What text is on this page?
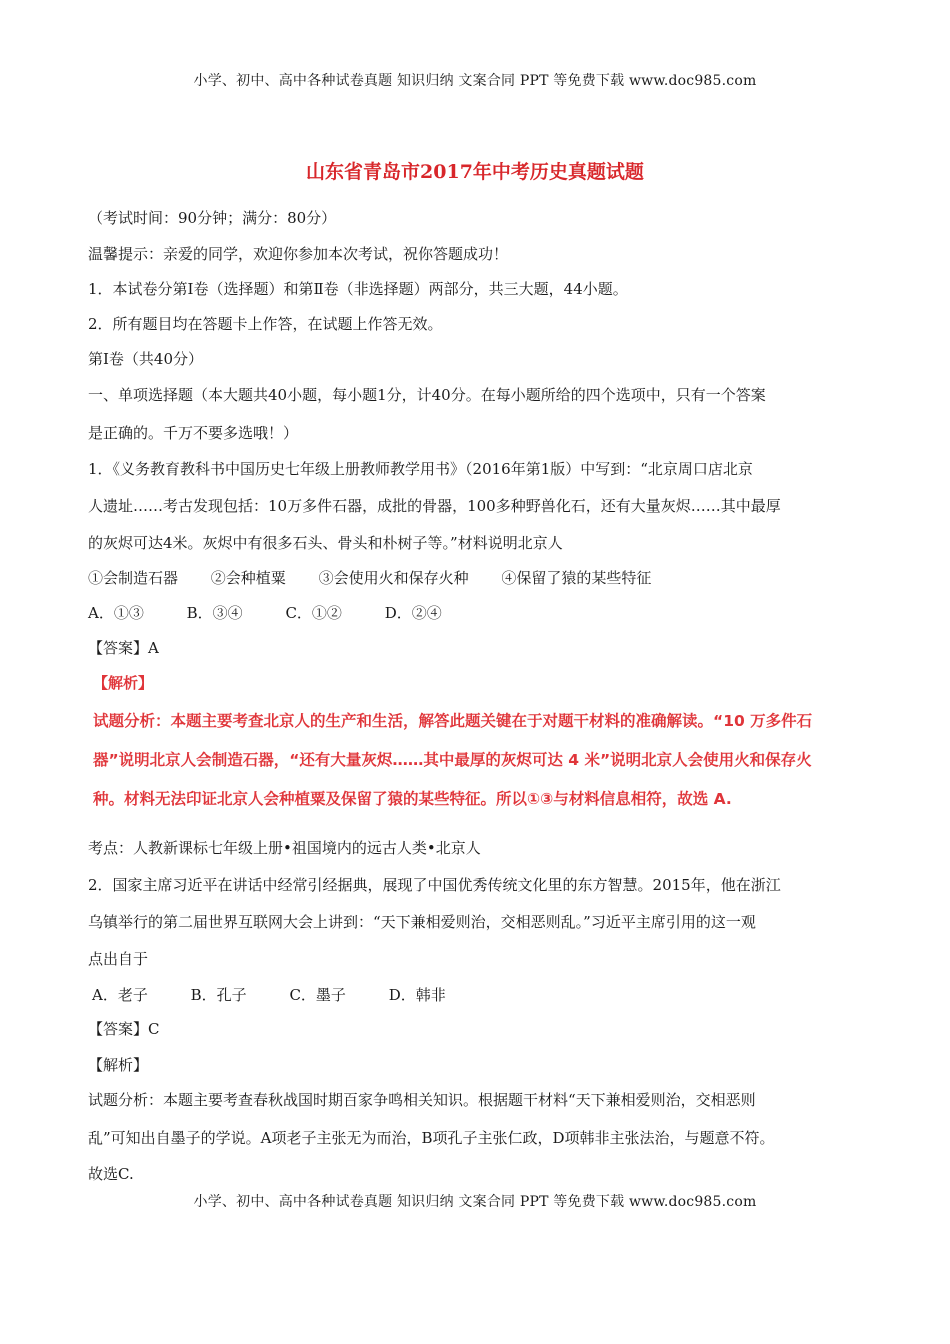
小学、初中、高中各种试卷真题 知识归纳 文案合同 PPT 等免费下载 www.doc985.com
山东省青岛市2017年中考历史真题试题
（考试时间：90分钟；满分：80分）
温馨提示：亲爱的同学，欢迎你参加本次考试，祝你答题成功！
1．本试卷分第Ⅰ卷（选择题）和第Ⅱ卷（非选择题）两部分，共三大题，44小题。
2．所有题目均在答题卡上作答，在试题上作答无效。
第Ⅰ卷（共40分）
一、单项选择题（本大题共40小题，每小题1分，计40分。在每小题所给的四个选项中，只有一个答案
是正确的。千万不要多选哦！）
1．《义务教育教科书中国历史七年级上册教师教学用书》（2016年第1版）中写到：“北京周口店北京
人遗址……考古发现包括：10万多件石器，成批的骨器，100多种野兽化石，还有大量灰烬……其中最厚
的灰烬可达4米。灰烬中有很多石头、骨头和朴树子等。”材料说明北京人
①会制造石器 ②会种植粟 ③会使用火和保存火种 ④保留了猿的某些特征
A．①③	B．③④	C．①②	D．②④
【答案】A
【解析】
试题分析：本题主要考查北京人的生产和生活，解答此题关键在于对题干材料的准确解读。“10 万多件石
器”说明北京人会制造石器，“还有大量灰烬……其中最厚的灰烬可达 4 米”说明北京人会使用火和保存火
种。材料无法印证北京人会种植粟及保留了猿的某些特征。所以①③与材料信息相符，故选 A.
考点：人教新课标七年级上册•祖国境内的远古人类•北京人
2．国家主席习近平在讲话中经常引经据典，展现了中国优秀传统文化里的东方智慧。2015年，他在浙江
乌镇举行的第二届世界互联网大会上讲到：“天下兼相爱则治，交相恶则乱。”习近平主席引用的这一观
点出自于
A．老子	B．孔子	C．墨子	D．韩非
【答案】C
【解析】
试题分析：本题主要考查春秋战国时期百家争鸣相关知识。根据题干材料“天下兼相爱则治，交相恶则
乱”可知出自墨子的学说。A项老子主张无为而治，B项孔子主张仁政，D项韩非主张法治，与题意不符。
故选C.
小学、初中、高中各种试卷真题 知识归纳 文案合同 PPT 等免费下载 www.doc985.com
